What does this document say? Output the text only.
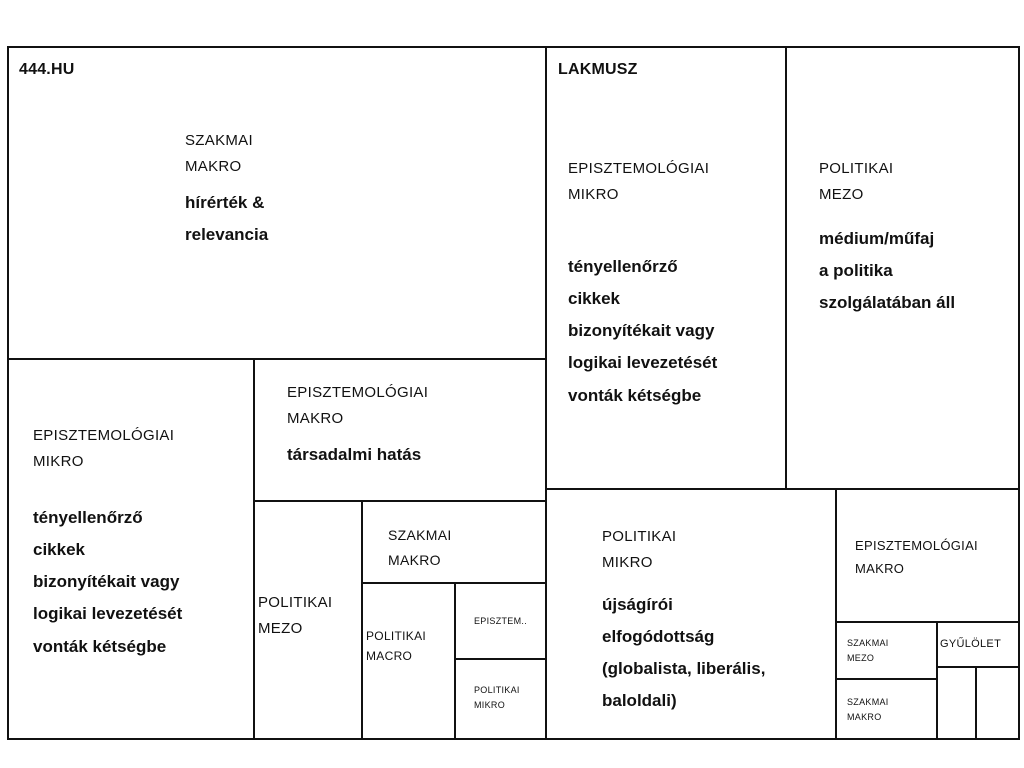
SZAKMAI
MAKRO
hírérték &
relevancia
EPISZTEMOLÓGIAI
MIKRO
tényellenőrző
cikkek
bizonyítékait vagy
logikai levezetését
vonták kétségbe
EPISZTEMOLÓGIAI
MAKRO
társadalmi hatás
POLITIKAI
MEZO
SZAKMAI
MAKRO
POLITIKAI
MACRO
EPISZTEM..
POLITIKAI
MIKRO
EPISZTEMOLÓGIAI
MIKRO
tényellenőrző
cikkek
bizonyítékait vagy
logikai levezetését
vonták kétségbe
POLITIKAI
MEZO
médium/műfaj
a politika
szolgálatában áll
POLITIKAI
MIKRO
újságírói
elfogódottság
(globalista, liberális,
baloldali)
EPISZTEMOLÓGIAI
MAKRO
SZAKMAI
MEZO
GYŰLÖLET
SZAKMAI
MAKRO
444.HU	LAKMUSZ
